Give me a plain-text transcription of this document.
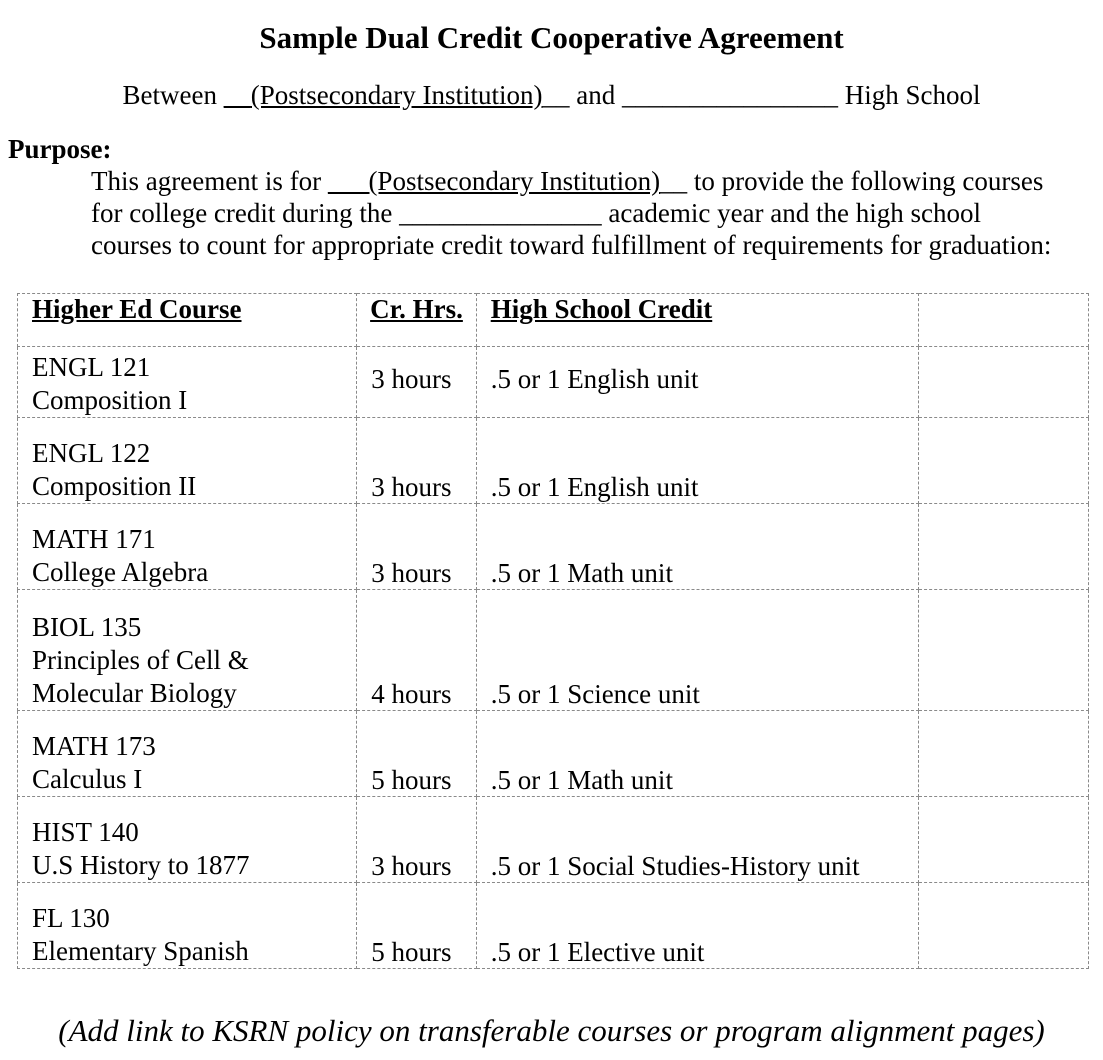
Sample Dual Credit Cooperative Agreement
Between __(Postsecondary Institution)__ and ________________ High School
Purpose:
This agreement is for ___(Postsecondary Institution)__ to provide the following courses
for college credit during the _______________ academic year and the high school
courses to count for appropriate credit toward fulfillment of requirements for graduation:
Higher Ed Course	Cr. Hrs.	High School Credit	

ENGL 121
Composition I	3 hours	.5 or 1 English unit	

ENGL 122
Composition II	3 hours	.5 or 1 English unit	

MATH 171
College Algebra	3 hours	.5 or 1 Math unit	

BIOL 135
Principles of Cell &
Molecular Biology	4 hours	.5 or 1 Science unit	

MATH 173
Calculus I	5 hours	.5 or 1 Math unit	

HIST 140
U.S History to 1877	3 hours	.5 or 1 Social Studies-History unit	

FL 130
Elementary Spanish	5 hours	.5 or 1 Elective unit	
(Add link to KSRN policy on transferable courses or program alignment pages)
